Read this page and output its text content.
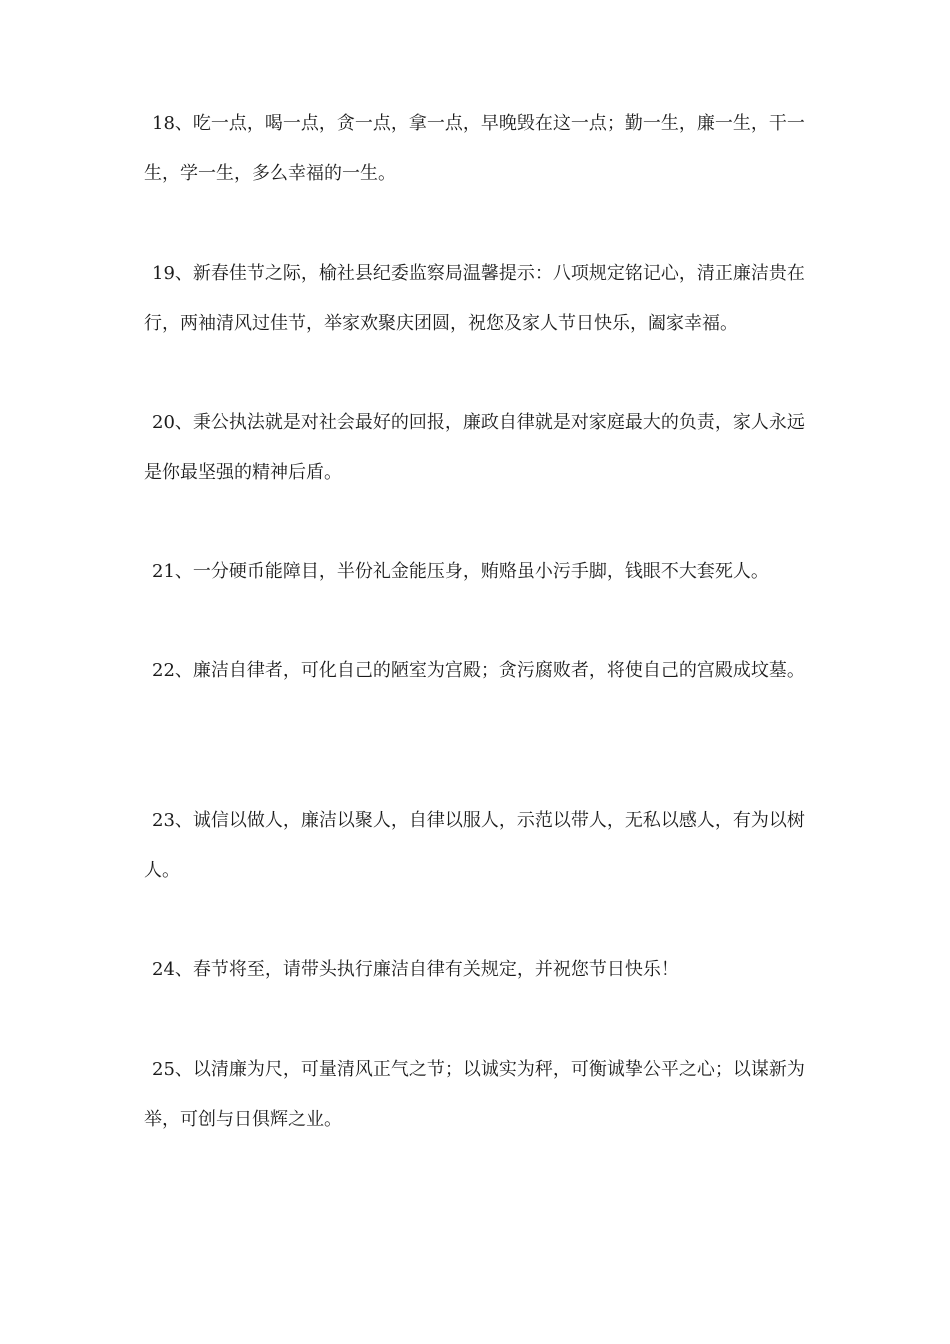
18、吃一点，喝一点，贪一点，拿一点，早晚毁在这一点；勤一生，廉一生，干一生，学一生，多么幸福的一生。

19、新春佳节之际，榆社县纪委监察局温馨提示：八项规定铭记心，清正廉洁贵在行，两袖清风过佳节，举家欢聚庆团圆，祝您及家人节日快乐，阖家幸福。

20、秉公执法就是对社会最好的回报，廉政自律就是对家庭最大的负责，家人永远是你最坚强的精神后盾。

21、一分硬币能障目，半份礼金能压身，贿赂虽小污手脚，钱眼不大套死人。

22、廉洁自律者，可化自己的陋室为宫殿；贪污腐败者，将使自己的宫殿成坟墓。

23、诚信以做人，廉洁以聚人，自律以服人，示范以带人，无私以感人，有为以树人。

24、春节将至，请带头执行廉洁自律有关规定，并祝您节日快乐！

25、以清廉为尺，可量清风正气之节；以诚实为秤，可衡诚挚公平之心；以谋新为举，可创与日俱辉之业。
